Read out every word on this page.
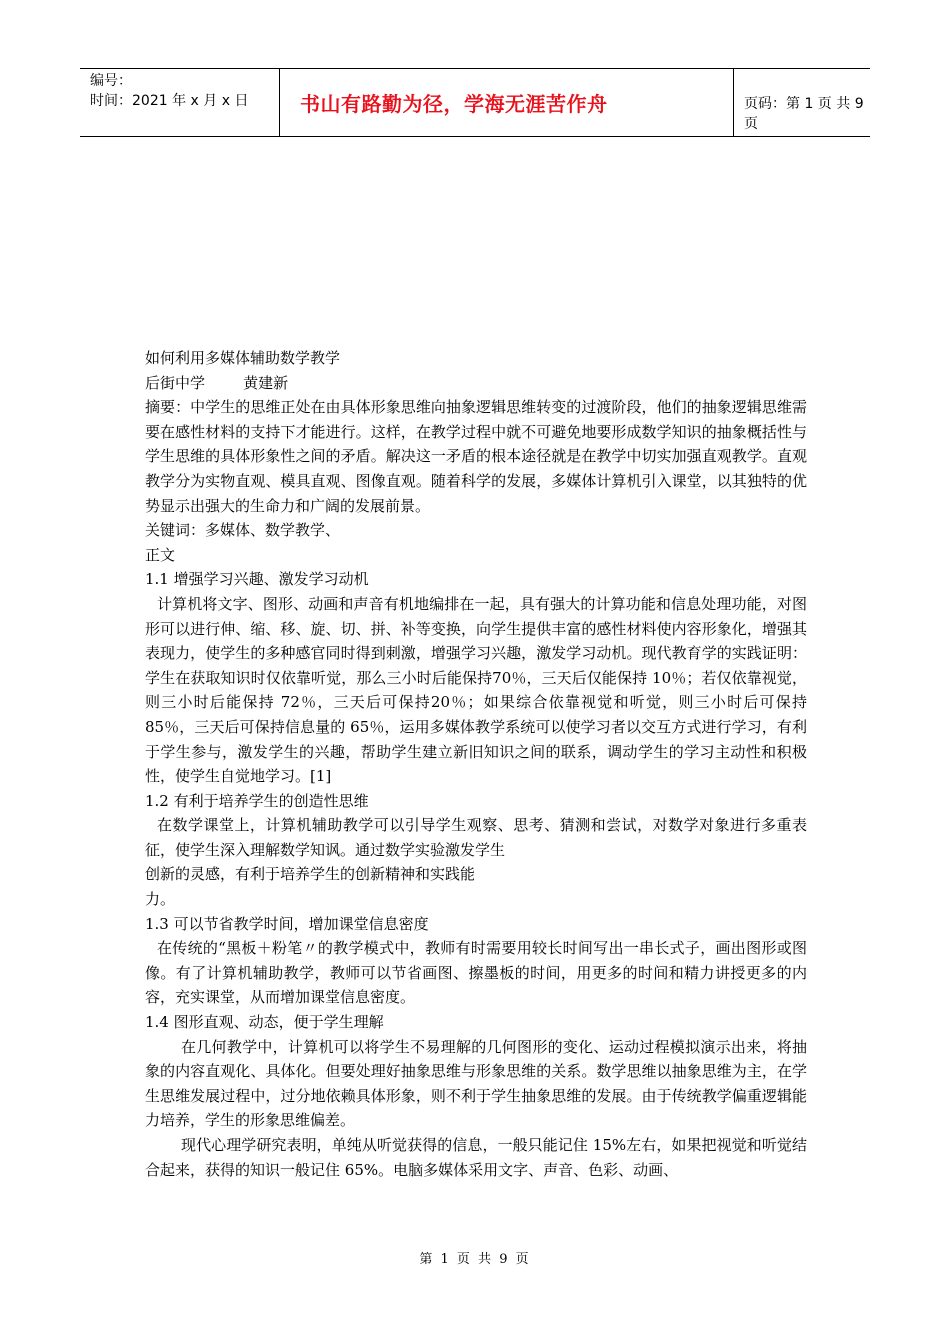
编号：
时间：2021 年 x 月 x 日	书山有路勤为径，学海无涯苦作舟	页码：第 1 页 共 9 页

如何利用多媒体辅助数学教学

后街中学        黄建新

摘要：中学生的思维正处在由具体形象思维向抽象逻辑思维转变的过渡阶段，他们的抽象逻辑思维需要在感性材料的支持下才能进行。这样，在教学过程中就不可避免地要形成数学知识的抽象概括性与学生思维的具体形象性之间的矛盾。解决这一矛盾的根本途径就是在教学中切实加强直观教学。直观教学分为实物直观、模具直观、图像直观。随着科学的发展，多媒体计算机引入课堂，以其独特的优势显示出强大的生命力和广阔的发展前景。

关键词：多媒体、数学教学、

正文

1.1 增强学习兴趣、激发学习动机

计算机将文字、图形、动画和声音有机地编排在一起，具有强大的计算功能和信息处理功能，对图形可以进行伸、缩、移、旋、切、拼、补等变换，向学生提供丰富的感性材料使内容形象化，增强其表现力，使学生的多种感官同时得到刺激，增强学习兴趣，激发学习动机。现代教育学的实践证明：学生在获取知识时仅依靠听觉，那么三小时后能保持70％，三天后仅能保持 10％；若仅依靠视觉，则三小时后能保持 72％，三天后可保持20％；如果综合依靠视觉和听觉，则三小时后可保持 85％，三天后可保持信息量的 65％，运用多媒体教学系统可以使学习者以交互方式进行学习，有利于学生参与，激发学生的兴趣，帮助学生建立新旧知识之间的联系，调动学生的学习主动性和积极性，使学生自觉地学习。[1]

1.2 有利于培养学生的创造性思维

在数学课堂上，计算机辅助教学可以引导学生观察、思考、猜测和尝试，对数学对象进行多重表征，使学生深入理解数学知讽。通过数学实验激发学生

创新的灵感，有利于培养学生的创新精神和实践能

力。

1.3 可以节省教学时间，增加课堂信息密度

在传统的“黑板＋粉笔〃的教学模式中，教师有时需要用较长时间写出一串长式子，画出图形或图像。有了计算机辅助教学，教师可以节省画图、擦墨板的时间，用更多的时间和精力讲授更多的内容，充实课堂，从而增加课堂信息密度。

1.4 图形直观、动态，便于学生理解

在几何教学中，计算机可以将学生不易理解的几何图形的变化、运动过程模拟演示出来，将抽象的内容直观化、具体化。但要处理好抽象思维与形象思维的关系。数学思维以抽象思维为主，在学生思维发展过程中，过分地依赖具体形象，则不利于学生抽象思维的发展。由于传统教学偏重逻辑能力培养，学生的形象思维偏差。

现代心理学研究表明，单纯从听觉获得的信息，一般只能记住 15%左右，如果把视觉和听觉结合起来，获得的知识一般记住 65%。电脑多媒体采用文字、声音、色彩、动画、

第 1 页 共 9 页
